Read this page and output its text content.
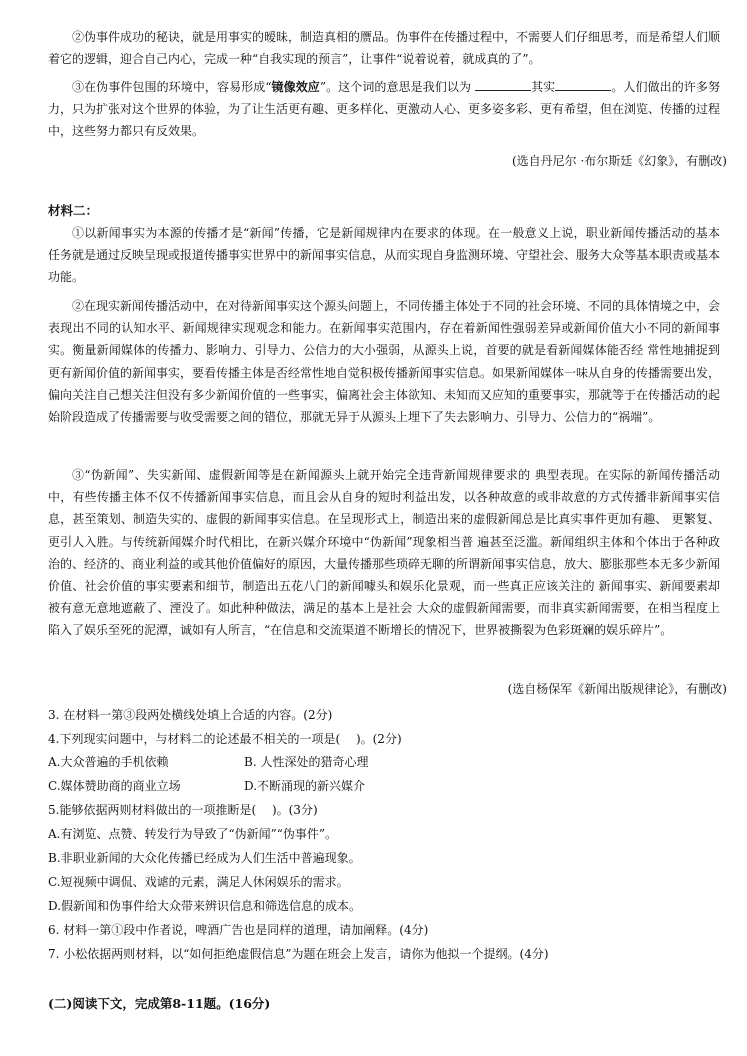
②伪事件成功的秘诀，就是用事实的暧昧，制造真相的赝品。伪事件在传播过程中，不需要人们仔细思考，而是希望人们顺着它的逻辑，迎合自己内心，完成一种“自我实现的预言”，让事件“说着说着，就成真的了”。
③在伪事件包围的环境中，容易形成“镜像效应”。这个词的意思是我们以为	其实	。人们做出的许多努力，只为扩张对这个世界的体验，为了让生活更有趣、更多样化、更激动人心、更多姿多彩、更有希望，但在浏览、传播的过程中，这些努力都只有反效果。
(选自丹尼尔 ·布尔斯廷《幻象》，有删改)
材料二：
①以新闻事实为本源的传播才是“新闻”传播，它是新闻规律内在要求的体现。在一般意义上说，职业新闻传播活动的基本任务就是通过反映呈现或报道传播事实世界中的新闻事实信息，从而实现自身监测环境、守望社会、服务大众等基本职责或基本功能。
②在现实新闻传播活动中，在对待新闻事实这个源头问题上，不同传播主体处于不同的社会环境、不同的具体情境之中，会表现出不同的认知水平、新闻规律实现观念和能力。在新闻事实范围内，存在着新闻性强弱差异或新闻价值大小不同的新闻事实。衡量新闻媒体的传播力、影响力、引导力、公信力的大小强弱，从源头上说，首要的就是看新闻媒体能否经 常性地捕捉到更有新闻价值的新闻事实，要看传播主体是否经常性地自觉积极传播新闻事实信息。如果新闻媒体一味从自身的传播需要出发，偏向关注自己想关注但没有多少新闻价值的一些事实，偏离社会主体欲知、未知而又应知的重要事实，那就等于在传播活动的起始阶段造成了传播需要与收受需要之间的错位，那就无异于从源头上埋下了失去影响力、引导力、公信力的“祸端”。
③“伪新闻”、失实新闻、虚假新闻等是在新闻源头上就开始完全违背新闻规律要求的 典型表现。在实际的新闻传播活动中，有些传播主体不仅不传播新闻事实信息，而且会从自身的短时利益出发，以各种故意的或非故意的方式传播非新闻事实信息，甚至策划、制造失实的、虚假的新闻事实信息。在呈现形式上，制造出来的虚假新闻总是比真实事件更加有趣、 更繁复、更引人入胜。与传统新闻媒介时代相比，在新兴媒介环境中“伪新闻”现象相当普 遍甚至泛滥。新闻组织主体和个体出于各种政治的、经济的、商业利益的或其他价值偏好的原因，大量传播那些琐碎无聊的所谓新闻事实信息，放大、膨胀那些本无多少新闻价值、社会价值的事实要素和细节，制造出五花八门的新闻噱头和娱乐化景观，而一些真正应该关注的 新闻事实、新闻要素却被有意无意地遮蔽了、湮没了。如此种种做法，满足的基本上是社会 大众的虚假新闻需要，而非真实新闻需要，在相当程度上陷入了娱乐至死的泥潭，诚如有人所言，“在信息和交流渠道不断增长的情况下，世界被撕裂为色彩斑斓的娱乐碎片”。
(选自杨保军《新闻出版规律论》，有删改)
3. 在材料一第③段两处横线处填上合适的内容。(2分)
4.下列现实问题中，与材料二的论述最不相关的一项是(　 )。(2分)
A.大众普遍的手机依赖	B. 人性深处的猎奇心理
C.媒体赞助商的商业立场	D.不断涌现的新兴媒介
5.能够依据两则材料做出的一项推断是(　 )。(3分)
A.有浏览、点赞、转发行为导致了“伪新闻”“伪事件”。
B.非职业新闻的大众化传播已经成为人们生活中普遍现象。
C.短视频中调侃、戏谑的元素，满足人休闲娱乐的需求。
D.假新闻和伪事件给大众带来辨识信息和筛选信息的成本。
6. 材料一第①段中作者说，啤酒广告也是同样的道理，请加阐释。(4分)
7. 小松依据两则材料，以“如何拒绝虚假信息”为题在班会上发言，请你为他拟一个提纲。(4分)
(二)阅读下文，完成第8-11题。(16分)
